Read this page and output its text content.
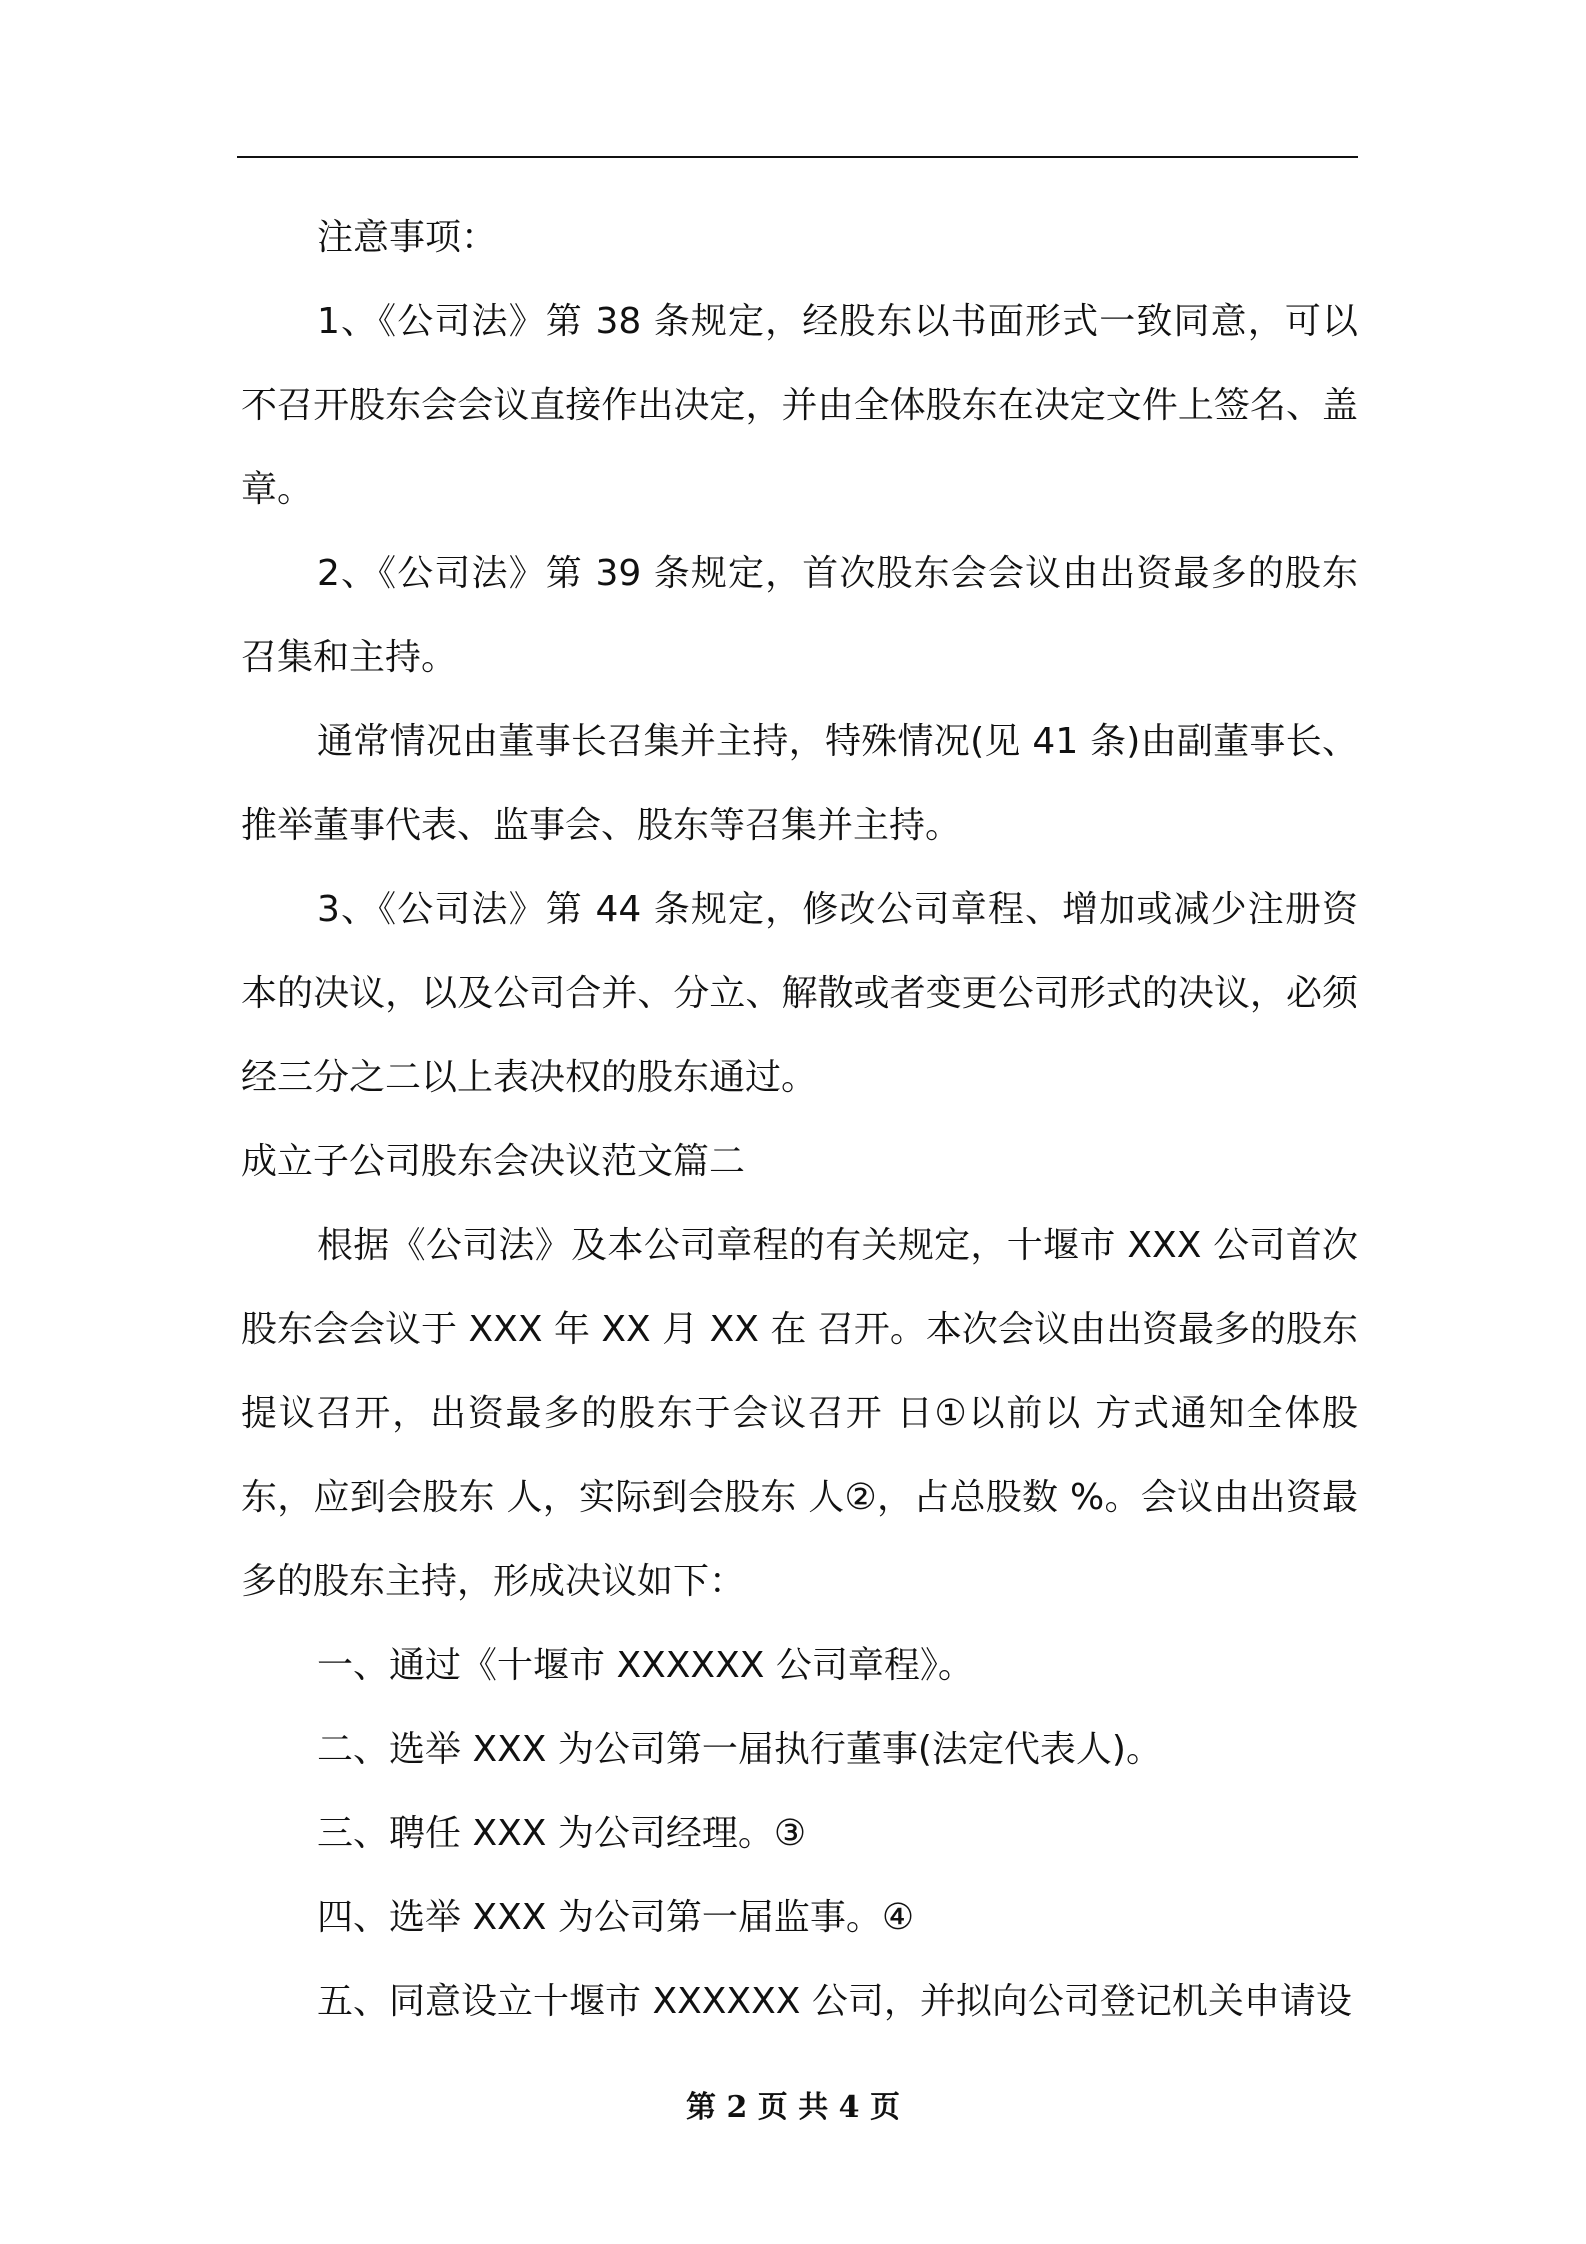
注意事项：

1、《公司法》第 38 条规定，经股东以书面形式一致同意，可以不召开股东会会议直接作出决定，并由全体股东在决定文件上签名、盖章。

2、《公司法》第 39 条规定，首次股东会会议由出资最多的股东召集和主持。

通常情况由董事长召集并主持，特殊情况(见 41 条)由副董事长、推举董事代表、监事会、股东等召集并主持。

3、《公司法》第 44 条规定，修改公司章程、增加或减少注册资本的决议，以及公司合并、分立、解散或者变更公司形式的决议，必须经三分之二以上表决权的股东通过。

成立子公司股东会决议范文篇二

根据《公司法》及本公司章程的有关规定，十堰市 XXX 公司首次股东会会议于 XXX 年 XX 月 XX 在 召开。本次会议由出资最多的股东提议召开，出资最多的股东于会议召开 日①以前以 方式通知全体股东，应到会股东 人，实际到会股东 人②，占总股数 %。会议由出资最多的股东主持，形成决议如下：

一、通过《十堰市 XXXXXX 公司章程》。

二、选举 XXX 为公司第一届执行董事(法定代表人)。

三、聘任 XXX 为公司经理。③

四、选举 XXX 为公司第一届监事。④

五、同意设立十堰市 XXXXXX 公司，并拟向公司登记机关申请设

第 2 页 共 4 页
